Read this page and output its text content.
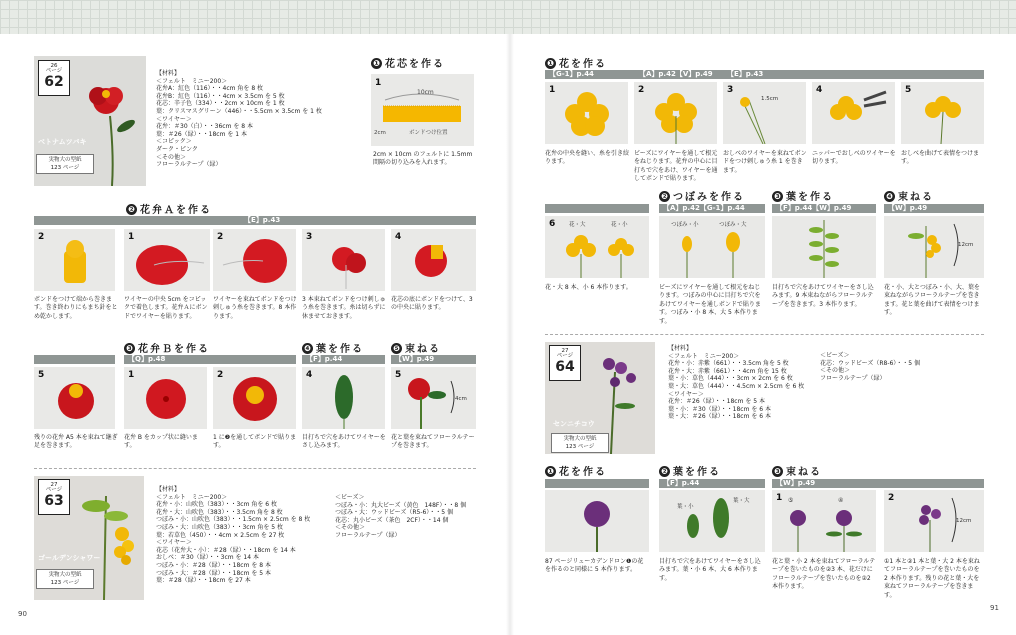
26
ページ
62
ベトナムツバキ
実物大の型紙
123 ページ
【材料】
＜フェルト　ミニー200＞
花弁A：紅色（116）・・4cm 角を 8 枚
花弁B：紅色（116）・・4cm × 3.5cm を 5 枚
花芯：辛子色（334）・・2cm × 10cm を 1 枚
葉：クリスマスグリーン（446）・・5.5cm × 3.5cm を 1 枚
＜ワイヤー＞
花弁：＃30（白）・・36cm を 8 本
葉：＃26（緑）・・18cm を 1 本
＜コピック＞
ダーク・ピンク
＜その他＞
フローラルテープ（緑）
❶ 花芯を作る
10cm
2cm	ボンドつけ位置
1
2cm × 10cm のフェルトに 1.5mm 間隔の切り込みを入れます。
❷ 花弁Ａを作る
【E】p.43
2	1	2	3	4
ボンドをつけて端から巻きます。巻き終わりにもまち針をとめ乾かします。
ワイヤーの中央 5cm をコピックで着色します。花弁Ａにボンドでワイヤーを貼ります。
ワイヤーを束ねてボンドをつけ刺しゅう糸を巻きます。8 本作ります。
3 本束ねてボンドをつけ刺しゅう糸を巻きます。糸は切らずに休ませておきます。
花芯の底にボンドをつけて、3 の中央に貼ります。
❸ 花弁Ｂを作る	❹ 葉を作る	❺ 束ねる
【Q】p.48	【F】p.44	【W】p.49
5	1	2	4
4cm
5
残りの花弁 A5 本を束ねて継ぎ足を巻きます。
花弁 B をカップ状に縫います。
1 に❷を通してボンドで貼ります。
目打ちで穴をあけてワイヤーをさし込みます。
花と葉を束ねてフローラルテープを巻きます。
27
ページ
63
ゴールデンシャワー
実物大の型紙
123 ページ
【材料】
＜フェルト　ミニー200＞
花弁・小：山吹色（383）・・3cm 角を 6 枚
花弁・大：山吹色（383）・・3.5cm 角を 8 枚
つぼみ・小：山吹色（383）・・1.5cm × 2.5cm を 8 枚
つぼみ・大：山吹色（383）・・3cm 角を 5 枚
葉：若草色（450）・・4cm × 2.5cm を 27 枚
＜ワイヤー＞
花芯（花弁大・小）：＃28（緑）・・18cm を 14 本
おしべ：＃30（緑）・・3cm を 14 本
つぼみ・小：＃28（緑）・・18cm を 8 本
つぼみ・大：＃28（緑）・・18cm を 5 本
葉：＃28（緑）・・18cm を 27 本
＜ビーズ＞
つぼみ・小：丸大ビーズ（黄色　148F）・・8 個
つぼみ・大：ウッドビーズ（R5-6）・・5 個
花芯：丸小ビーズ（茶色　2CF）・・14 個
＜その他＞
フローラルテープ（緑）
90
❶ 花を作る
【G-1】p.44	【A】p.42【V】p.49 【E】p.43
1	2
1.5cm
3	4	5
花弁の中央を縫い、糸を引き絞ります。
ビーズにワイヤーを通して根元をねじります。花弁の中心に目打ちで穴をあけ、ワイヤーを通してボンドで貼ります。
おしべのワイヤーを束ねてボンドをつけ刺しゅう糸 1 を巻きます。
ニッパーでおしべのワイヤーを切ります。
おしべを曲げて表情をつけます。
❷ つぼみを作る	❸ 葉を作る	❹ 束ねる
【A】p.42【G-1】p.44	【F】p.44【W】p.49	【W】p.49
花・大	花・小
6	つぼみ・小	つぼみ・大
12cm
花・大 8 本、小 6 本作ります。	ビーズにワイヤーを通して根元をねじります。つぼみの中心に目打ちで穴をあけてワイヤーを通しボンドで貼ります。つぼみ・小 8 本、大 5 本作ります。
目打ちで穴をあけてワイヤーをさし込みます。9 本束ねながらフローラルテープを巻きます。3 本作ります。
花・小、大とつぼみ・小、大、葉を束ねながらフローラルテープを巻きます。花と葉を曲げて表情をつけます。
27
ページ
64
センニチコウ
実物大の型紙
123 ページ
【材料】
＜フェルト　ミニー200＞
花弁・小：赤紫（661）・・3.5cm 角を 5 枚
花弁・大：赤紫（661）・・4cm 角を 15 枚
葉・小：草色（444）・・3cm × 2cm を 6 枚
葉・大：草色（444）・・4.5cm × 2.5cm を 6 枚
＜ワイヤー＞
花弁：＃26（緑）・・18cm を 5 本
葉・小：＃30（緑）・・18cm を 6 本
葉・大：＃26（緑）・・18cm を 6 本
＜ビーズ＞
花芯：ウッドビーズ（R8-6）・・5 個
＜その他＞
フローラルテープ（緑）
❶ 花を作る	❷ 葉を作る	❸ 束ねる
【F】p.44	【W】p.49
葉・小
葉・大	⑤	④
1
12cm
2
87 ページリューカデンドロン❶の花を作るのと同様に 5 本作ります。
目打ちで穴をあけてワイヤーをさし込みます。葉・小 6 本、大 6 本作ります。
花と葉・小 2 本を束ねてフローラルテープを巻いたものを②3 本、花だけにフローラルテープを巻いたものを②2 本作ります。
①1 本と②1 本と葉・大 2 本を束ねてフローラルテープを巻いたものを 2 本作ります。残りの花と葉・大を束ねてフローラルテープを巻きます。
91
